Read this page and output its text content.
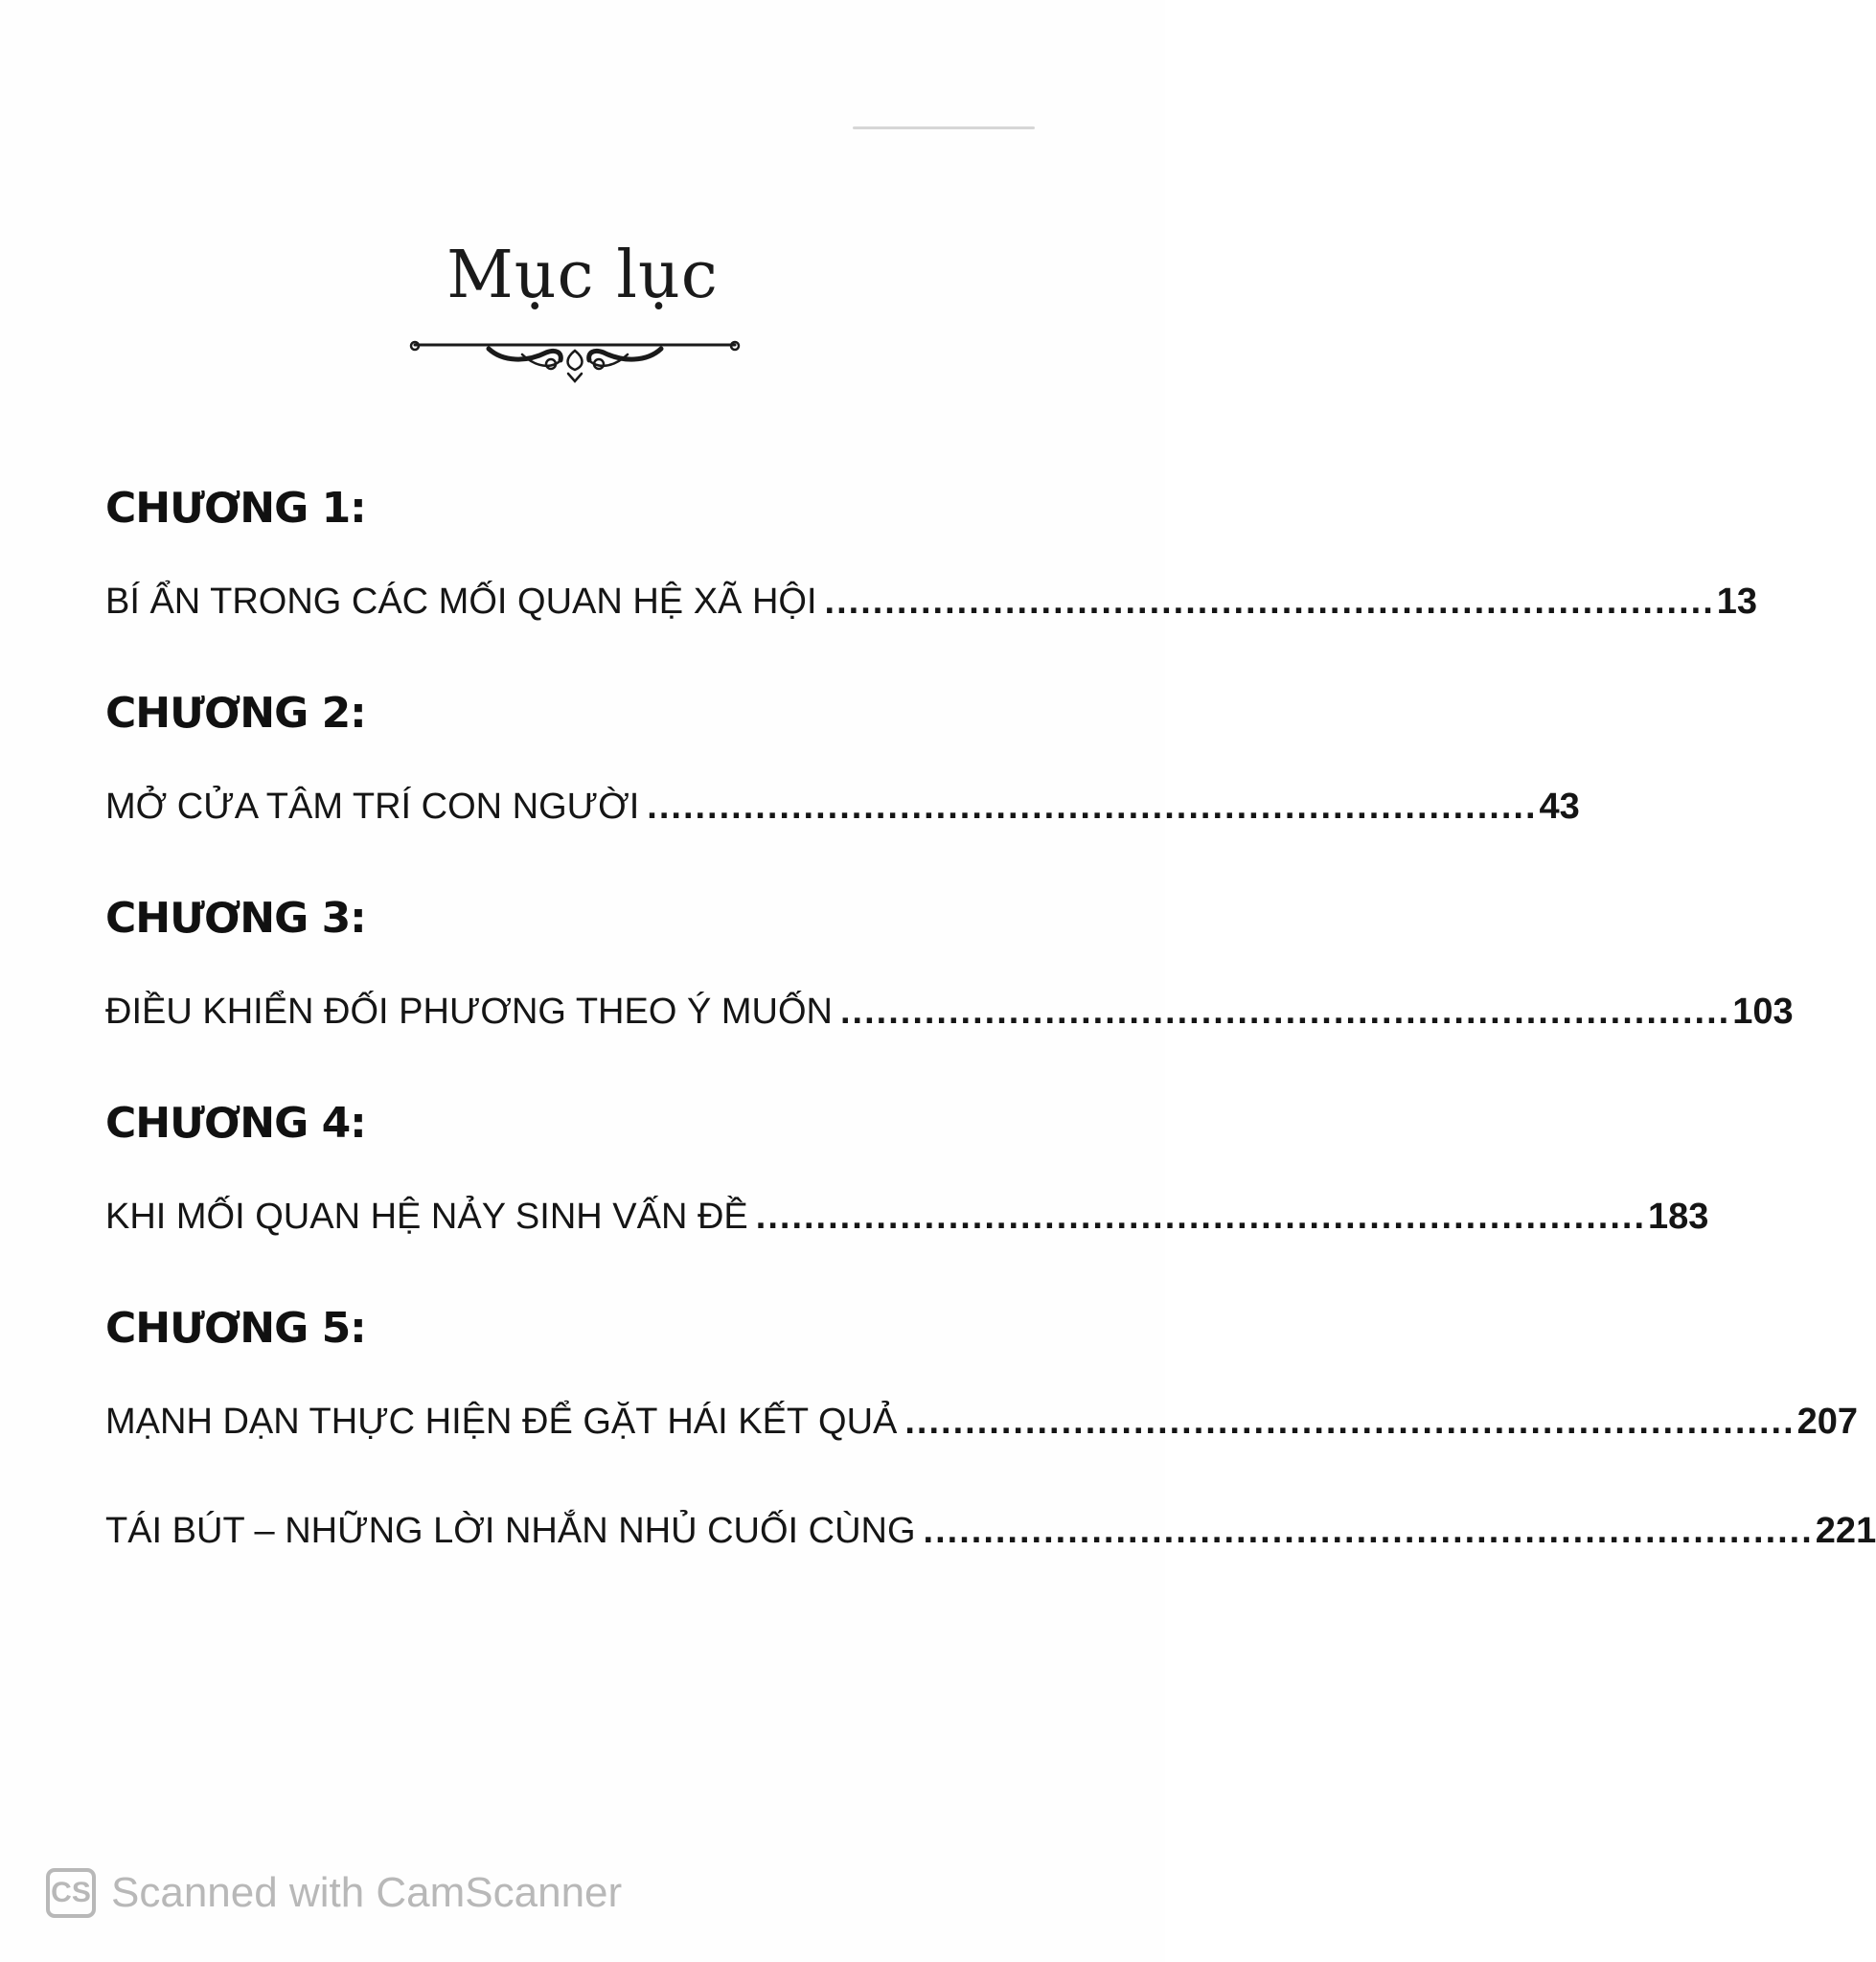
Mục lục
CHƯƠNG 1:
BÍ ẨN TRONG CÁC MỐI QUAN HỆ XÃ HỘI .......................................................................... 13
CHƯƠNG 2:
MỞ CỬA TÂM TRÍ CON NGƯỜI .......................................................................... 43
CHƯƠNG 3:
ĐIỀU KHIỂN ĐỐI PHƯƠNG THEO Ý MUỐN .......................................................................... 103
CHƯƠNG 4:
KHI MỐI QUAN HỆ NẢY SINH VẤN ĐỀ .......................................................................... 183
CHƯƠNG 5:
MẠNH DẠN THỰC HIỆN ĐỂ GẶT HÁI KẾT QUẢ .......................................................................... 207
TÁI BÚT – NHỮNG LỜI NHẮN NHỦ CUỐI CÙNG .......................................................................... 221
CS Scanned with CamScanner
